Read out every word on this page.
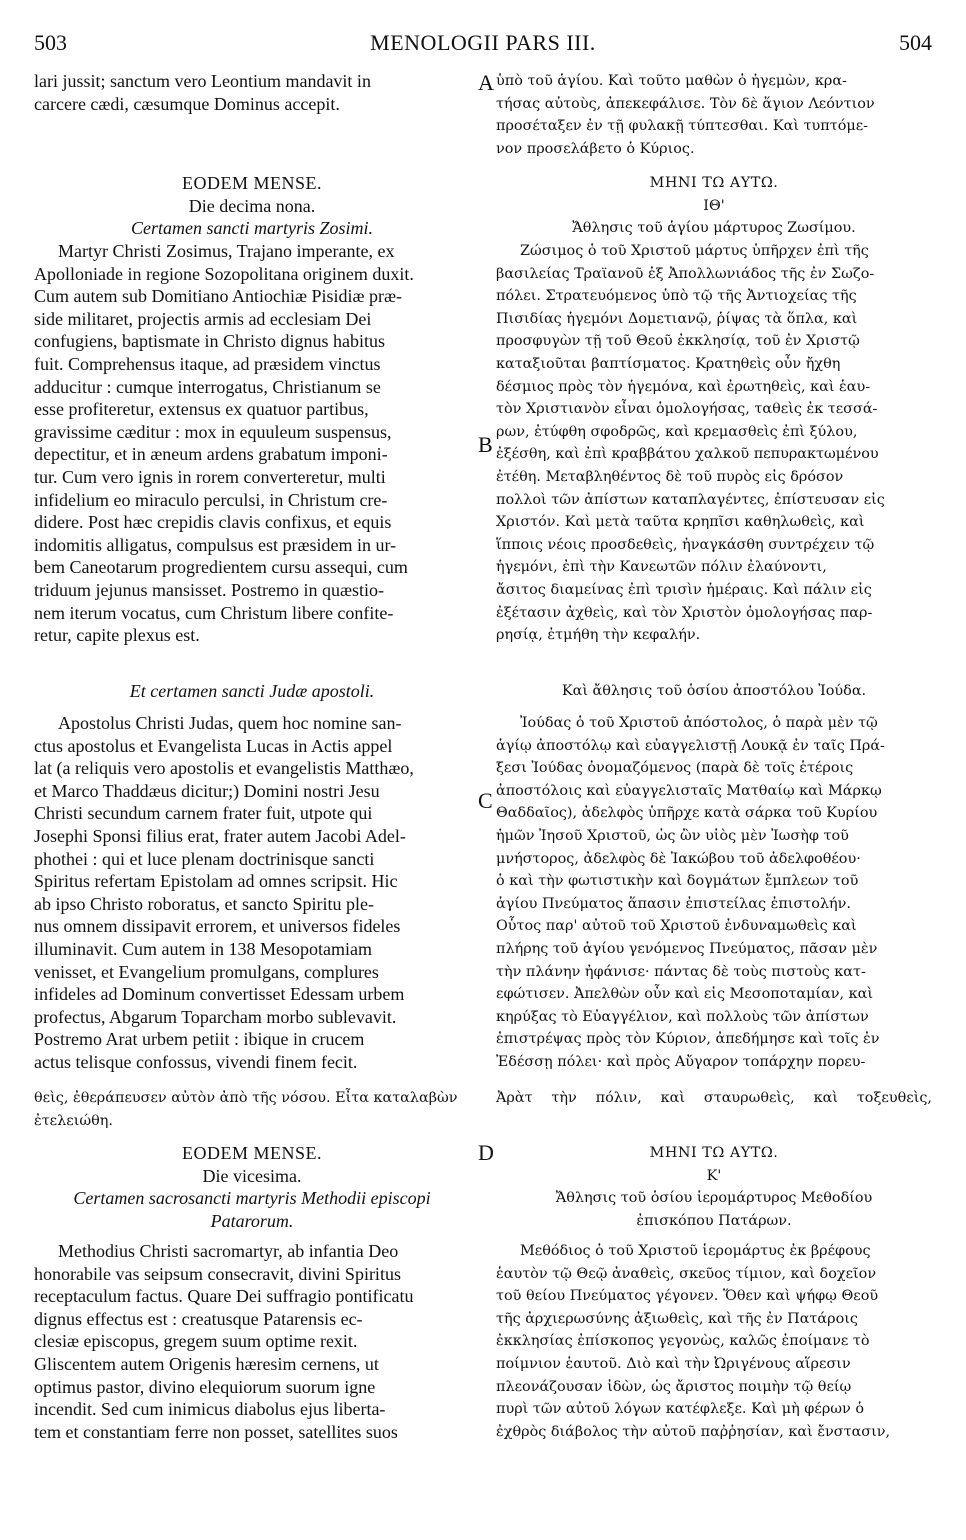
503	MENOLOGII PARS III.	504
A
B
C
D

lari jussit; sanctum vero Leontium mandavit in

carcere cædi, cæsumque Dominus accepit.

ὑπὸ τοῦ ἁγίου. Καὶ τοῦτο μαθὼν ὁ ἡγεμὼν, κρα-

τήσας αὐτοὺς, ἀπεκεφάλισε. Τὸν δὲ ἅγιον Λεόντιον

προσέταξεν ἐν τῇ φυλακῇ τύπτεσθαι. Καὶ τυπτόμε-

νον προσελάβετο ὁ Κύριος.

EODEM MENSE.

Die decima nona.

Certamen sancti martyris Zosimi.

ΜΗΝΙ ΤΩ ΑΥΤΩ.

ΙΘ'

Ἄθλησις τοῦ ἁγίου μάρτυρος Ζωσίμου.

Martyr Christi Zosimus, Trajano imperante, ex

Apolloniade in regione Sozopolitana originem duxit.

Cum autem sub Domitiano Antiochiæ Pisidiæ præ-

side militaret, projectis armis ad ecclesiam Dei

confugiens, baptismate in Christo dignus habitus

fuit. Comprehensus itaque, ad præsidem vinctus

adducitur : cumque interrogatus, Christianum se

esse profiteretur, extensus ex quatuor partibus,

gravissime cæditur : mox in equuleum suspensus,

depectitur, et in æneum ardens grabatum imponi-

tur. Cum vero ignis in rorem converteretur, multi

infidelium eo miraculo perculsi, in Christum cre-

didere. Post hæc crepidis clavis confixus, et equis

indomitis alligatus, compulsus est præsidem in ur-

bem Caneotarum progredientem cursu assequi, cum

triduum jejunus mansisset. Postremo in quæstio-

nem iterum vocatus, cum Christum libere confite-

retur, capite plexus est.

Ζώσιμος ὁ τοῦ Χριστοῦ μάρτυς ὑπῆρχεν ἐπὶ τῆς

βασιλείας Τραϊανοῦ ἐξ Ἀπολλωνιάδος τῆς ἐν Σωζο-

πόλει. Στρατευόμενος ὑπὸ τῷ τῆς Ἀντιοχείας τῆς

Πισιδίας ἡγεμόνι Δομετιανῷ, ῥίψας τὰ ὅπλα, καὶ

προσφυγὼν τῇ τοῦ Θεοῦ ἐκκλησίᾳ, τοῦ ἐν Χριστῷ

καταξιοῦται βαπτίσματος. Κρατηθεὶς οὖν ἤχθη

δέσμιος πρὸς τὸν ἡγεμόνα, καὶ ἐρωτηθεὶς, καὶ ἑαυ-

τὸν Χριστιανὸν εἶναι ὁμολογήσας, ταθεὶς ἐκ τεσσά-

ρων, ἐτύφθη σφοδρῶς, καὶ κρεμασθεὶς ἐπὶ ξύλου,

ἐξέσθη, καὶ ἐπὶ κραββάτου χαλκοῦ πεπυρακτωμένου

ἐτέθη. Μεταβληθέντος δὲ τοῦ πυρὸς εἰς δρόσον

πολλοὶ τῶν ἀπίστων καταπλαγέντες, ἐπίστευσαν εἰς

Χριστόν. Καὶ μετὰ ταῦτα κρηπῖσι καθηλωθεὶς, καὶ

ἵπποις νέοις προσδεθεὶς, ἠναγκάσθη συντρέχειν τῷ

ἡγεμόνι, ἐπὶ τὴν Κανεωτῶν πόλιν ἐλαύνοντι,

ἄσιτος διαμείνας ἐπὶ τρισὶν ἡμέραις. Καὶ πάλιν εἰς

ἐξέτασιν ἀχθεὶς, καὶ τὸν Χριστὸν ὁμολογήσας παρ-

ρησίᾳ, ἐτμήθη τὴν κεφαλήν.

Et certamen sancti Judæ apostoli.	Καὶ ἄθλησις τοῦ ὁσίου ἀποστόλου Ἰούδα.

Apostolus Christi Judas, quem hoc nomine san-

ctus apostolus et Evangelista Lucas in Actis appel

lat (a reliquis vero apostolis et evangelistis Matthæo,

et Marco Thaddæus dicitur;) Domini nostri Jesu

Christi secundum carnem frater fuit, utpote qui

Josephi Sponsi filius erat, frater autem Jacobi Adel-

phothei : qui et luce plenam doctrinisque sancti

Spiritus refertam Epistolam ad omnes scripsit. Hic

ab ipso Christo roboratus, et sancto Spiritu ple-

nus omnem dissipavit errorem, et universos fideles

illuminavit. Cum autem in 138 Mesopotamiam

venisset, et Evangelium promulgans, complures

infideles ad Dominum convertisset Edessam urbem

profectus, Abgarum Toparcham morbo sublevavit.

Postremo Arat urbem petiit : ibique in crucem

actus telisque confossus, vivendi finem fecit.

Ἰούδας ὁ τοῦ Χριστοῦ ἀπόστολος, ὁ παρὰ μὲν τῷ

ἁγίῳ ἀποστόλῳ καὶ εὐαγγελιστῇ Λουκᾷ ἐν ταῖς Πρά-

ξεσι Ἰούδας ὀνομαζόμενος (παρὰ δὲ τοῖς ἑτέροις

ἀποστόλοις καὶ εὐαγγελισταῖς Ματθαίῳ καὶ Μάρκῳ

Θαδδαῖος), ἀδελφὸς ὑπῆρχε κατὰ σάρκα τοῦ Κυρίου

ἡμῶν Ἰησοῦ Χριστοῦ, ὡς ὢν υἱὸς μὲν Ἰωσὴφ τοῦ

μνήστορος, ἀδελφὸς δὲ Ἰακώβου τοῦ ἀδελφοθέου·

ὁ καὶ τὴν φωτιστικὴν καὶ δογμάτων ἔμπλεων τοῦ

ἁγίου Πνεύματος ἅπασιν ἐπιστείλας ἐπιστολήν.

Οὗτος παρ' αὐτοῦ τοῦ Χριστοῦ ἐνδυναμωθεὶς καὶ

πλήρης τοῦ ἁγίου γενόμενος Πνεύματος, πᾶσαν μὲν

τὴν πλάνην ἠφάνισε· πάντας δὲ τοὺς πιστοὺς κατ-

εφώτισεν. Ἀπελθὼν οὖν καὶ εἰς Μεσοποταμίαν, καὶ

κηρύξας τὸ Εὐαγγέλιον, καὶ πολλοὺς τῶν ἀπίστων

ἐπιστρέψας πρὸς τὸν Κύριον, ἀπεδήμησε καὶ τοῖς ἐν

Ἐδέσσῃ πόλει· καὶ πρὸς Αὔγαρον τοπάρχην πορευ-

θεὶς, ἐθεράπευσεν αὐτὸν ἀπὸ τῆς νόσου. Εἶτα καταλαβὼν	Ἀρὰτ τὴν πόλιν, καὶ σταυρωθεὶς, καὶ τοξευθεὶς,
ἐτελειώθη.

EODEM MENSE.

Die vicesima.

Certamen sacrosancti martyris Methodii episcopi

Patarorum.

ΜΗΝΙ ΤΩ ΑΥΤΩ.

Κ'

Ἄθλησις τοῦ ὁσίου ἱερομάρτυρος Μεθοδίου

ἐπισκόπου Πατάρων.

Methodius Christi sacromartyr, ab infantia Deo

honorabile vas seipsum consecravit, divini Spiritus

receptaculum factus. Quare Dei suffragio pontificatu

dignus effectus est : creatusque Patarensis ec-

clesiæ episcopus, gregem suum optime rexit.

Gliscentem autem Origenis hæresim cernens, ut

optimus pastor, divino elequiorum suorum igne

incendit. Sed cum inimicus diabolus ejus liberta-

tem et constantiam ferre non posset, satellites suos

Μεθόδιος ὁ τοῦ Χριστοῦ ἱερομάρτυς ἐκ βρέφους

ἑαυτὸν τῷ Θεῷ ἀναθεὶς, σκεῦος τίμιον, καὶ δοχεῖον

τοῦ θείου Πνεύματος γέγονεν. Ὅθεν καὶ ψήφῳ Θεοῦ

τῆς ἀρχιερωσύνης ἀξιωθεὶς, καὶ τῆς ἐν Πατάροις

ἐκκλησίας ἐπίσκοπος γεγονὼς, καλῶς ἐποίμανε τὸ

ποίμνιον ἑαυτοῦ. Διὸ καὶ τὴν Ὠριγένους αἵρεσιν

πλεονάζουσαν ἰδὼν, ὡς ἄριστος ποιμὴν τῷ θείῳ

πυρὶ τῶν αὐτοῦ λόγων κατέφλεξε. Καὶ μὴ φέρων ὁ

ἐχθρὸς διάβολος τὴν αὐτοῦ παῤῥησίαν, καὶ ἔνστασιν,
